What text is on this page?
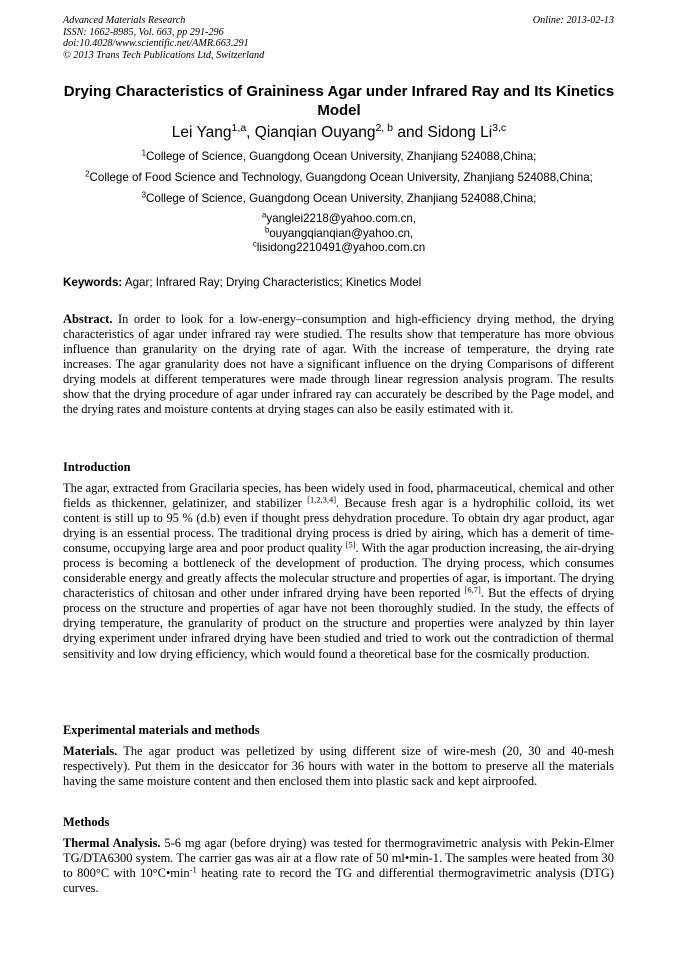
Advanced Materials Research
ISSN: 1662-8985, Vol. 663, pp 291-296
doi:10.4028/www.scientific.net/AMR.663.291
© 2013 Trans Tech Publications Ltd, Switzerland
Online: 2013-02-13
Drying Characteristics of Graininess Agar under Infrared Ray and Its Kinetics Model
Lei Yang$^{1,a}$, Qianqian Ouyang$^{2, b}$ and Sidong Li$^{3,c}$
$^1$College of Science, Guangdong Ocean University, Zhanjiang 524088,China;
$^2$College of Food Science and Technology, Guangdong Ocean University, Zhanjiang 524088,China;
$^3$College of Science, Guangdong Ocean University, Zhanjiang 524088,China;
$^a$yanglei2218@yahoo.com.cn,
$^b$ouyangqianqian@yahoo.cn,
$^c$lisidong2210491@yahoo.com.cn
Keywords: Agar; Infrared Ray; Drying Characteristics; Kinetics Model
Abstract. In order to look for a low-energy–consumption and high-efficiency drying method, the drying characteristics of agar under infrared ray were studied. The results show that temperature has more obvious influence than granularity on the drying rate of agar. With the increase of temperature, the drying rate increases. The agar granularity does not have a significant influence on the drying Comparisons of different drying models at different temperatures were made through linear regression analysis program. The results show that the drying procedure of agar under infrared ray can accurately be described by the Page model, and the drying rates and moisture contents at drying stages can also be easily estimated with it.
Introduction
The agar, extracted from Gracilaria species, has been widely used in food, pharmaceutical, chemical and other fields as thickenner, gelatinizer, and stabilizer [1,2,3,4]. Because fresh agar is a hydrophilic colloid, its wet content is still up to 95 % (d.b) even if thought press dehydration procedure. To obtain dry agar product, agar drying is an essential process. The traditional drying process is dried by airing, which has a demerit of time-consume, occupying large area and poor product quality [5]. With the agar production increasing, the air-drying process is becoming a bottleneck of the development of production. The drying process, which consumes considerable energy and greatly affects the molecular structure and properties of agar, is important. The drying characteristics of chitosan and other under infrared drying have been reported [6,7]. But the effects of drying process on the structure and properties of agar have not been thoroughly studied. In the study, the effects of drying temperature, the granularity of product on the structure and properties were analyzed by thin layer drying experiment under infrared drying have been studied and tried to work out the contradiction of thermal sensitivity and low drying efficiency, which would found a theoretical base for the cosmically production.
Experimental materials and methods
Materials. The agar product was pelletized by using different size of wire-mesh (20, 30 and 40-mesh respectively). Put them in the desiccator for 36 hours with water in the bottom to preserve all the materials having the same moisture content and then enclosed them into plastic sack and kept airproofed.
Methods
Thermal Analysis. 5-6 mg agar (before drying) was tested for thermogravimetric analysis with Pekin-Elmer TG/DTA6300 system. The carrier gas was air at a flow rate of 50 ml•min-1. The samples were heated from 30 to 800°C with $10^\circ C•\min^{-1}$ heating rate to record the TG and differential thermogravimetric analysis (DTG) curves.
